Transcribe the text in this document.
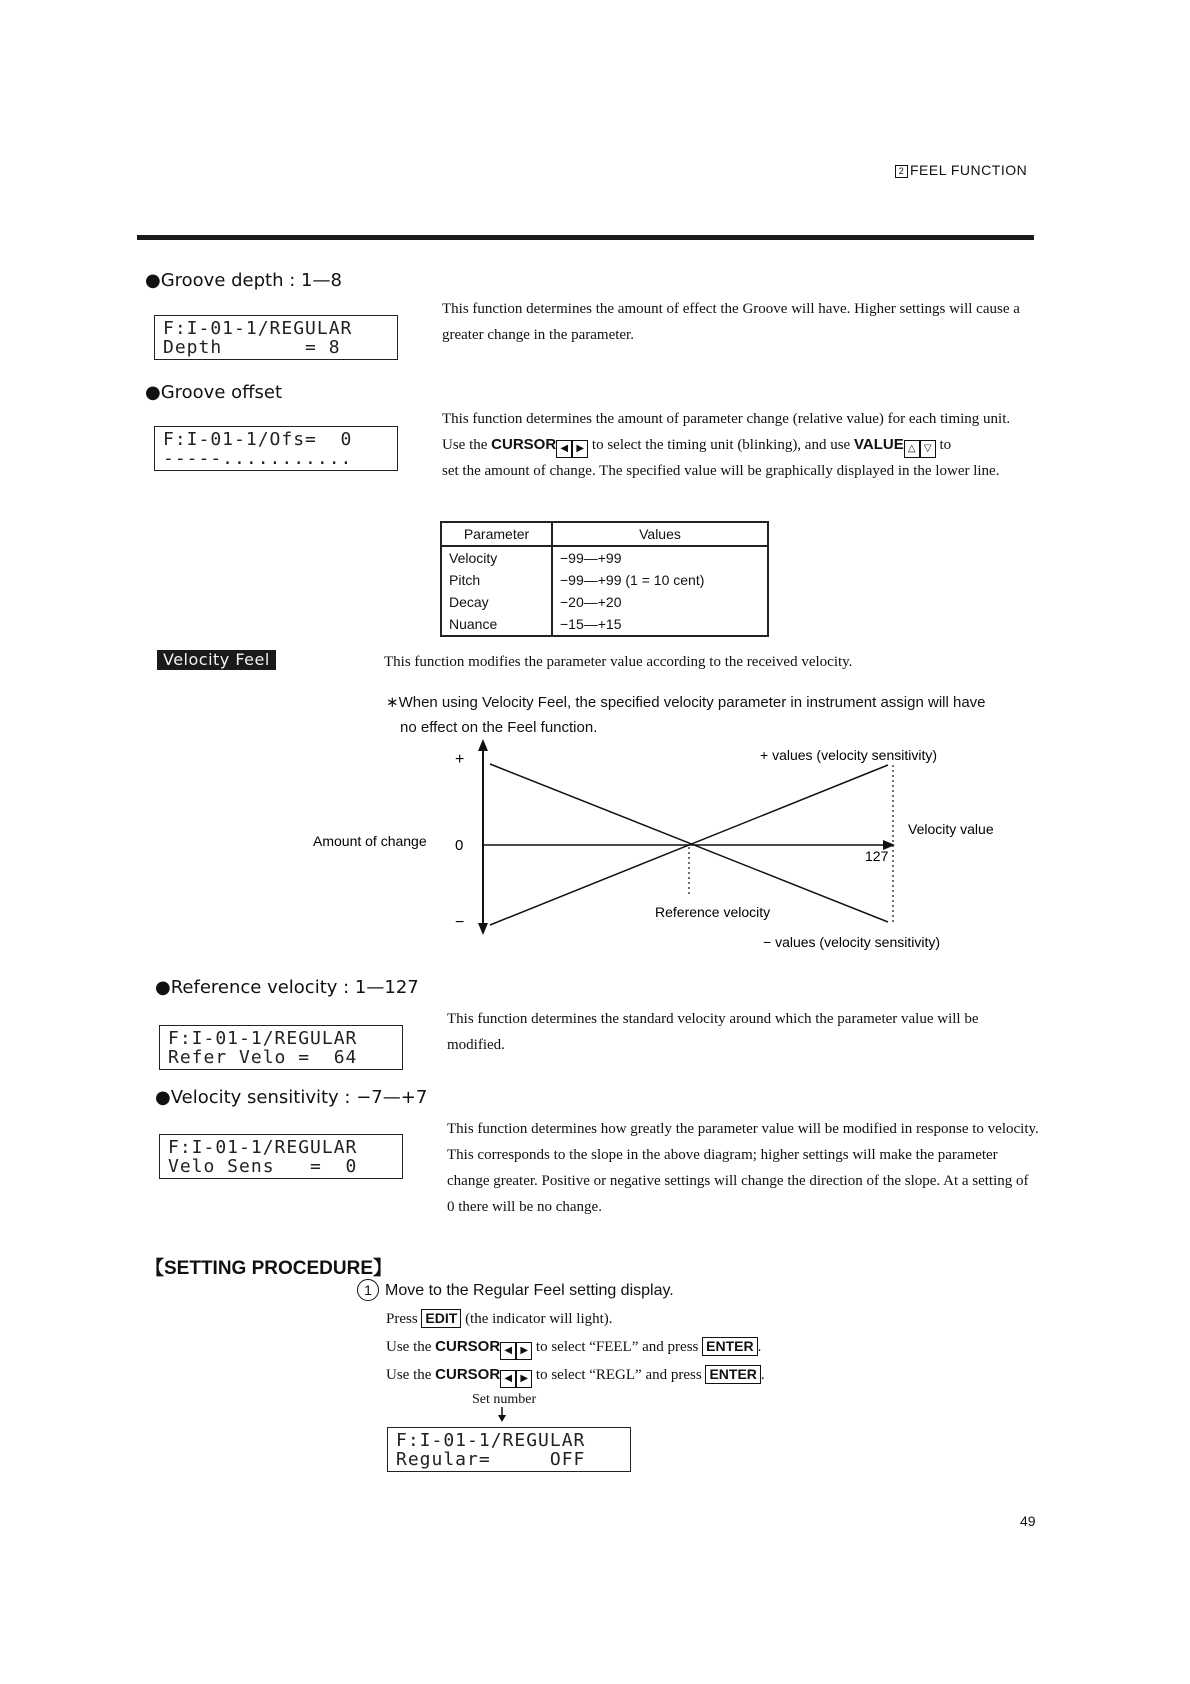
2 FEEL FUNCTION
●Groove depth : 1—8
F:I-01-1/REGULAR
Depth       = 8
This function determines the amount of effect the Groove will have. Higher settings will cause a greater change in the parameter.
●Groove offset
F:I-01-1/Ofs=  0
-----...........
This function determines the amount of parameter change (relative value) for each timing unit.
Use the CURSOR ◀ ▶ to select the timing unit (blinking), and use VALUE △ ▽ to
set the amount of change. The specified value will be graphically displayed in the lower line.
Parameter	Values
Velocity	−99—+99
Pitch	−99—+99 (1 = 10 cent)
Decay	−20—+20
Nuance	−15—+15
Velocity Feel	This function modifies the parameter value according to the received velocity.
∗When using Velocity Feel, the specified velocity parameter in instrument assign will have
no effect on the Feel function.
+
−
Amount of change 0
127
+ values (velocity sensitivity)
Velocity value
Reference velocity
− values (velocity sensitivity)
●Reference velocity : 1—127
F:I-01-1/REGULAR
Refer Velo =  64
This function determines the standard velocity around which the parameter value will be modified.
●Velocity sensitivity : −7—+7
F:I-01-1/REGULAR
Velo Sens   =  0
This function determines how greatly the parameter value will be modified in response to velocity. This corresponds to the slope in the above diagram; higher settings will make the parameter change greater. Positive or negative settings will change the direction of the slope. At a setting of 0 there will be no change.
【SETTING PROCEDURE】
1 Move to the Regular Feel setting display.
Press EDIT (the indicator will light).
Use the CURSOR ◀ ▶ to select “FEEL” and press ENTER .
Use the CURSOR ◀ ▶ to select “REGL” and press ENTER .
Set number
F:I-01-1/REGULAR
Regular=     OFF
49
